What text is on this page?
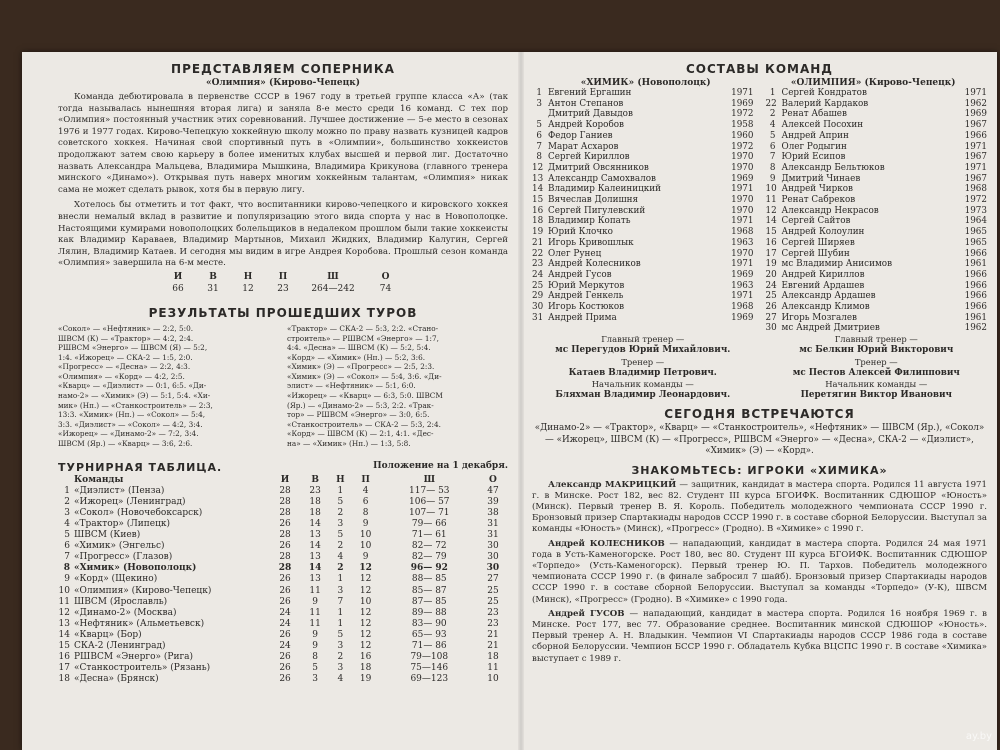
ПРЕДСТАВЛЯЕМ СОПЕРНИКА
«Олимпия» (Кирово-Чепецк)

Команда дебютировала в первенстве СССР в 1967 году в третьей группе класса «А» (так тогда называлась нынешняя вторая лига) и заняла 8-е место среди 16 команд. С тех пор «Олимпия» постоянный участник этих соревнований. Лучшее достижение — 5-е место в сезонах 1976 и 1977 годах. Кирово-Чепецкую хоккейную школу можно по праву назвать кузницей кадров советского хоккея. Начиная свой спортивный путь в «Олимпии», большинство хоккеистов продолжают затем свою карьеру в более именитых клубах высшей и первой лиг. Достаточно назвать Александра Мальцева, Владимира Мышкина, Владимира Крикунова (главного тренера минского «Динамо»). Открывая путь наверх многим хоккейным талантам, «Олимпия» никак сама не может сделать рывок, хотя бы в первую лигу.

Хотелось бы отметить и тот факт, что воспитанники кирово-чепецкого и кировского хоккея внесли немалый вклад в развитие и популяризацию этого вида спорта у нас в Новополоцке. Настоящими кумирами новополоцких болельщиков в недалеком прошлом были такие хоккеисты как Владимир Караваев, Владимир Мартынов, Михаил Жидких, Владимир Калугин, Сергей Лялин, Владимир Катаев. И сегодня мы видим в игре Андрея Коробова. Прошлый сезон команда «Олимпия» завершила на 6-м месте.

И	В	Н	П	Ш	О
66	31	12	23	264—242	74
РЕЗУЛЬТАТЫ ПРОШЕДШИХ ТУРОВ
«Сокол» — «Нефтяник» — 2:2, 5:0.
ШВСМ (К) — «Трактор» — 4:2, 2:4.
РШВСМ «Энерго» — ШВСМ (Я) — 5:2,
1:4. «Ижорец» — СКА-2 — 1:5, 2:0.
«Прогресс» — «Десна» — 2:2, 4:3.
«Олимпия» — «Корд» — 4:2, 2:5.
«Кварц» — «Диэлист» — 0:1, 6:5. «Ди-
намо-2» — «Химик» (Э) — 5:1, 5:4. «Хи-
мик» (Нп.) — «Станкостроитель» — 2:3,
13:3. «Химик» (Нп.) — «Сокол» — 5:4,
3:3. «Диэлист» — «Сокол» — 4:2, 3:4.
«Ижорец» — «Динамо-2» — 7:2, 3:4.
ШВСМ (Яр.) — «Кварц» — 3:6, 2:6.
«Трактор» — СКА-2 — 5:3, 2:2. «Стано-
строитель» — РШВСМ «Энерго» — 1:7,
4:4. «Десна» — ШВСМ (К) — 5:2, 5:4.
«Корд» — «Химик» (Нп.) — 5:2, 3:6.
«Химик» (Э) — «Прогресс» — 2:5, 2:3.
«Химик» (Э) — «Сокол» — 5:4, 3:6. «Ди-
элист» — «Нефтяник» — 5:1, 6:0.
«Ижорец» — «Кварц» — 6:3, 5:0. ШВСМ
(Яр.) — «Динамо-2» — 5:3, 2:2. «Трак-
тор» — РШВСМ «Энерго» — 3:0, 6:5.
«Станкостроитель» — СКА-2 — 5:3, 2:4.
«Корд» — ШВСМ (К) — 2:1, 4:1. «Дес-
на» — «Химик» (Нп.) — 1:3, 5:8.
ТУРНИРНАЯ ТАБЛИЦА.	Положение на 1 декабря.
	Команды	И	В	Н	П	Ш	О
1	«Диэлист» (Пенза)	28	23	1	4	117— 53	47
2	«Ижорец» (Ленинград)	28	18	5	6	106— 57	39
3	«Сокол» (Новочебоксарск)	28	18	2	8	107— 71	38
4	«Трактор» (Липецк)	26	14	3	9	79— 66	31
5	ШВСМ (Киев)	28	13	5	10	71— 61	31
6	«Химик» (Энгельс)	26	14	2	10	82— 72	30
7	«Прогресс» (Глазов)	28	13	4	9	82— 79	30
8	«Химик» (Новополоцк)	28	14	2	12	96— 92	30
9	«Корд» (Щекино)	26	13	1	12	88— 85	27
10	«Олимпия» (Кирово-Чепецк)	26	11	3	12	85— 87	25
11	ШВСМ (Ярославль)	26	9	7	10	87— 85	25
12	«Динамо-2» (Москва)	24	11	1	12	89— 88	23
13	«Нефтяник» (Альметьевск)	24	11	1	12	83— 90	23
14	«Кварц» (Бор)	26	9	5	12	65— 93	21
15	СКА-2 (Ленинград)	24	9	3	12	71— 86	21
16	РШВСМ «Энерго» (Рига)	26	8	2	16	79—108	18
17	«Станкостроитель» (Рязань)	26	5	3	18	75—146	11
18	«Десна» (Брянск)	26	3	4	19	69—123	10
СОСТАВЫ КОМАНД
«ХИМИК» (Новополоцк)	«ОЛИМПИЯ» (Кирово-Чепецк)
1 Евгений Ергашин	1971
3 Антон Степанов	1969
Дмитрий Давыдов	1972
5 Андрей Коробов	1958
6 Федор Ганиев	1960
7 Марат Асхаров	1972
8 Сергей Кириллов	1970
12 Дмитрий Овсянников	1970
13 Александр Самохвалов	1969
14 Владимир Калеиницкий	1971
15 Вячеслав Долишня	1970
16 Сергей Пигулевский	1970
18 Владимир Копать	1971
19 Юрий Клочко	1968
21 Игорь Кривошлык	1963
22 Олег Рунец	1970
23 Андрей Колесников	1971
24 Андрей Гусов	1969
25 Юрий Меркутов	1963
29 Андрей Генкель	1971
30 Игорь Костюков	1968
31 Андрей Прима	1969
1 Сергей Кондратов	1971
22 Валерий Кардаков	1962
2 Ренат Абашев	1969
4 Алексей Посохин	1967
5 Андрей Априн	1966
6 Олег Родыгин	1971
7 Юрий Есипов	1967
8 Александр Бельтюков	1971
9 Дмитрий Чинаев	1967
10 Андрей Чирков	1968
11 Ренат Сабреков	1972
12 Александр Некрасов	1973
14 Сергей Сайтов	1964
15 Андрей Колоулин	1965
16 Сергей Ширяев	1965
17 Сергей Шубин	1966
19 мс Владимир Анисимов	1961
20 Андрей Кириллов	1966
24 Евгений Ардашев	1966
25 Александр Ардашев	1966
26 Александр Климов	1966
27 Игорь Мозгалев	1961
30 мс Андрей Дмитриев	1962
Главный тренер —
мс Перегудов Юрий Михайлович.
Тренер —
Катаев Владимир Петрович.
Начальник команды —
Бляхман Владимир Леонардович.
Главный тренер —
мс Белкин Юрий Викторович
Тренер —
мс Пестов Алексей Филиппович
Начальник команды —
Перетягин Виктор Иванович
СЕГОДНЯ ВСТРЕЧАЮТСЯ
«Динамо-2» — «Трактор», «Кварц» — «Станкостроитель», «Нефтяник» — ШВСМ (Яр.), «Сокол» — «Ижорец», ШВСМ (К) — «Прогресс», РШВСМ «Энерго» — «Десна», СКА-2 — «Диэлист», «Химик» (Э) — «Корд».
ЗНАКОМЬТЕСЬ: ИГРОКИ «ХИМИКА»

Александр МАКРИЦКИЙ — защитник, кандидат в мастера спорта. Родился 11 августа 1971 г. в Минске. Рост 182, вес 82. Студент III курса БГОИФК. Воспитанник СДЮШОР «Юность» (Минск). Первый тренер В. Я. Король. Победитель молодежного чемпионата СССР 1990 г. Бронзовый призер Спартакиады народов СССР 1990 г. в составе сборной Белоруссии. Выступал за команды «Юность» (Минск), «Прогресс» (Гродно). В «Химике» с 1990 г.

Андрей КОЛЕСНИКОВ — нападающий, кандидат в мастера спорта. Родился 24 мая 1971 года в Усть-Каменогорске. Рост 180, вес 80. Студент III курса БГОИФК. Воспитанник СДЮШОР «Торпедо» (Усть-Каменогорск). Первый тренер Ю. П. Тархов. Победитель молодежного чемпионата СССР 1990 г. (в финале забросил 7 шайб). Бронзовый призер Спартакиады народов СССР 1990 г. в составе сборной Белоруссии. Выступал за команды «Торпедо» (У-К), ШВСМ (Минск), «Прогресс» (Гродно). В «Химике» с 1990 года.

Андрей ГУСОВ — нападающий, кандидат в мастера спорта. Родился 16 ноября 1969 г. в Минске. Рост 177, вес 77. Образование среднее. Воспитанник минской СДЮШОР «Юность». Первый тренер А. Н. Владыкин. Чемпион VI Спартакиады народов СССР 1986 года в составе сборной Белоруссии. Чемпион БССР 1990 г. Обладатель Кубка ВЦСПС 1990 г. В составе «Химика» выступает с 1989 г.

ay.by
